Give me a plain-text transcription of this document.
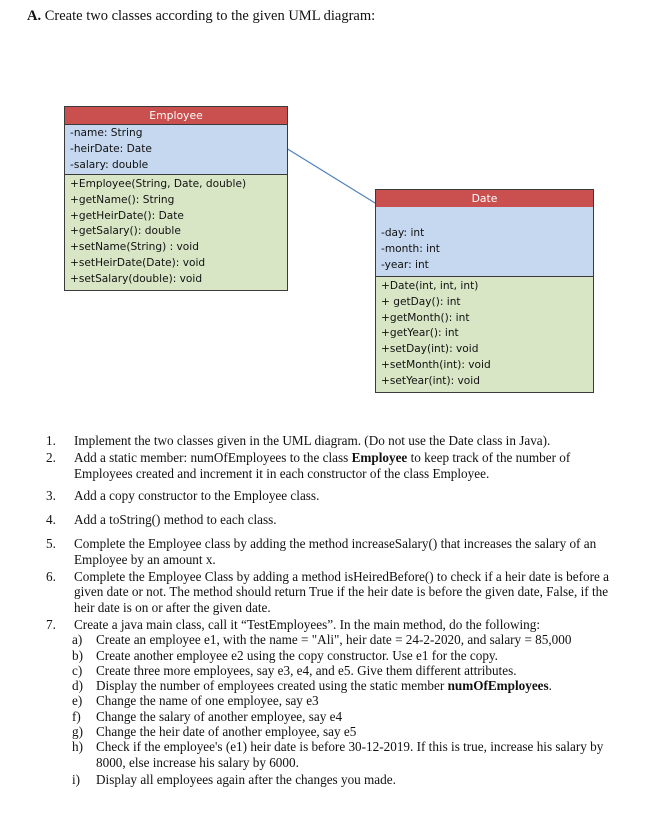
A. Create two classes according to the given UML diagram:
Employee
-name: String
-heirDate: Date
-salary: double
+Employee(String, Date, double)
+getName(): String
+getHeirDate(): Date
+getSalary(): double
+setName(String) : void
+setHeirDate(Date): void
+setSalary(double): void
Date
-day: int
-month: int
-year: int
+Date(int, int, int)
+ getDay(): int
+getMonth(): int
+getYear(): int
+setDay(int): void
+setMonth(int): void
+setYear(int): void

1. Implement the two classes given in the UML diagram. (Do not use the Date class in Java).

2. Add a static member: numOfEmployees to the class Employee to keep track of the number of Employees created and increment it in each constructor of the class Employee.

3. Add a copy constructor to the Employee class.

4. Add a toString() method to each class.

5. Complete the Employee class by adding the method increaseSalary() that increases the salary of an Employee by an amount x.

6. Complete the Employee Class by adding a method isHeiredBefore() to check if a heir date is before a given date or not. The method should return True if the heir date is before the given date, False, if the heir date is on or after the given date.

7. Create a java main class, call it “TestEmployees”. In the main method, do the following:
a) Create an employee e1, with the name = "Ali", heir date = 24-2-2020, and salary = 85,000
b) Create another employee e2 using the copy constructor. Use e1 for the copy.
c) Create three more employees, say e3, e4, and e5. Give them different attributes.
d) Display the number of employees created using the static member numOfEmployees.
e) Change the name of one employee, say e3
f) Change the salary of another employee, say e4
g) Change the heir date of another employee, say e5
h) Check if the employee's (e1) heir date is before 30-12-2019. If this is true, increase his salary by 8000, else increase his salary by 6000.
i) Display all employees again after the changes you made.
